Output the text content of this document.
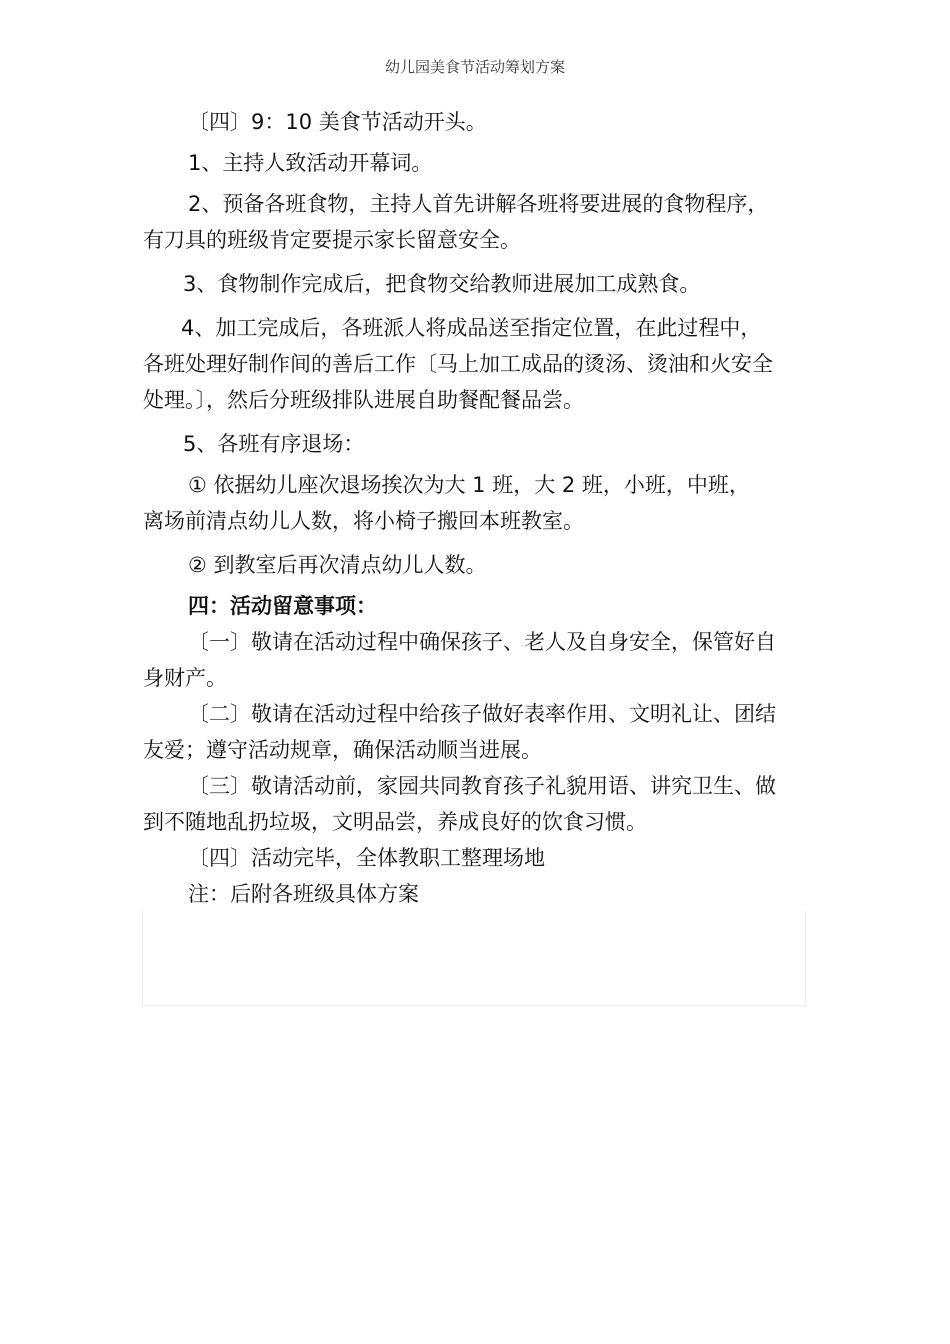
幼儿园美食节活动筹划方案
〔四〕9：10 美食节活动开头。
1、主持人致活动开幕词。
2、预备各班食物，主持人首先讲解各班将要进展的食物程序，
有刀具的班级肯定要提示家长留意安全。
3、食物制作完成后，把食物交给教师进展加工成熟食。
4、加工完成后，各班派人将成品送至指定位置，在此过程中，
各班处理好制作间的善后工作〔马上加工成品的烫汤、烫油和火安全
处理。〕，然后分班级排队进展自助餐配餐品尝。
5、各班有序退场：
① 依据幼儿座次退场挨次为大 1 班，大 2 班，小班，中班，
离场前清点幼儿人数，将小椅子搬回本班教室。
② 到教室后再次清点幼儿人数。
四：活动留意事项：
〔一〕敬请在活动过程中确保孩子、老人及自身安全，保管好自
身财产。
〔二〕敬请在活动过程中给孩子做好表率作用、文明礼让、团结
友爱；遵守活动规章，确保活动顺当进展。
〔三〕敬请活动前，家园共同教育孩子礼貌用语、讲究卫生、做
到不随地乱扔垃圾，文明品尝，养成良好的饮食习惯。
〔四〕活动完毕，全体教职工整理场地
注：后附各班级具体方案
